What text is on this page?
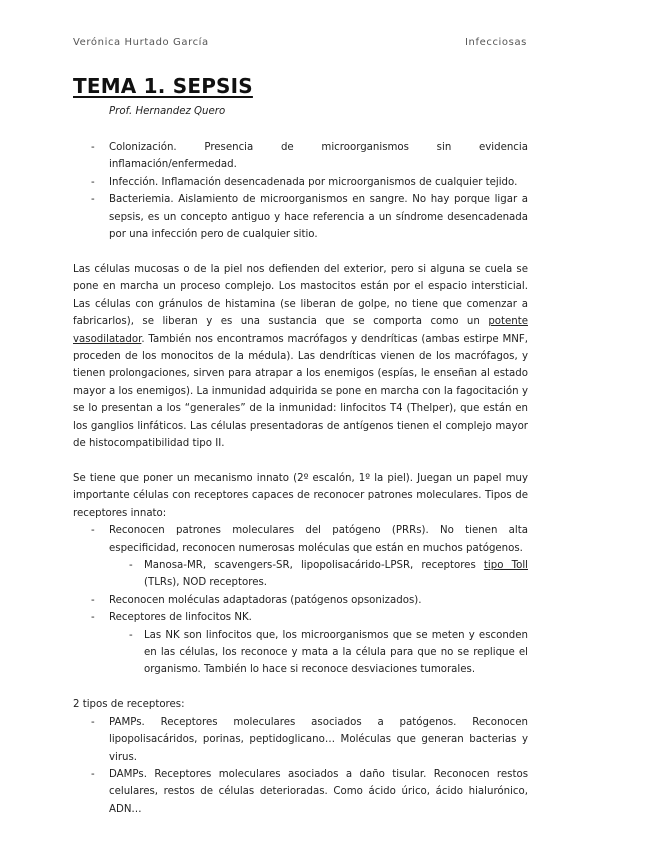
Verónica Hurtado García	Infecciosas
TEMA 1. SEPSIS
Prof. Hernandez Quero
- Colonización. Presencia de microorganismos sin evidencia inflamación/enfermedad.
- Infección. Inflamación desencadenada por microorganismos de cualquier tejido.
- Bacteriemia. Aislamiento de microorganismos en sangre. No hay porque ligar a sepsis, es un concepto antiguo y hace referencia a un síndrome desencadenada por una infección pero de cualquier sitio.

Las células mucosas o de la piel nos defienden del exterior, pero si alguna se cuela se pone en marcha un proceso complejo. Los mastocitos están por el espacio intersticial. Las células con gránulos de histamina (se liberan de golpe, no tiene que comenzar a fabricarlos), se liberan y es una sustancia que se comporta como un potente vasodilatador. También nos encontramos macrófagos y dendríticas (ambas estirpe MNF, proceden de los monocitos de la médula). Las dendríticas vienen de los macrófagos, y tienen prolongaciones, sirven para atrapar a los enemigos (espías, le enseñan al estado mayor a los enemigos). La inmunidad adquirida se pone en marcha con la fagocitación y se lo presentan a los “generales” de la inmunidad: linfocitos T4 (Thelper), que están en los ganglios linfáticos. Las células presentadoras de antígenos tienen el complejo mayor de histocompatibilidad tipo II.

Se tiene que poner un mecanismo innato (2º escalón, 1º la piel). Juegan un papel muy importante células con receptores capaces de reconocer patrones moleculares. Tipos de receptores innato:

- Reconocen patrones moleculares del patógeno (PRRs). No tienen alta especificidad, reconocen numerosas moléculas que están en muchos patógenos.
- Manosa-MR, scavengers-SR, lipopolisacárido-LPSR, receptores tipo Toll (TLRs), NOD receptores.
- Reconocen moléculas adaptadoras (patógenos opsonizados).
- Receptores de linfocitos NK.
- Las NK son linfocitos que, los microorganismos que se meten y esconden en las células, los reconoce y mata a la célula para que no se replique el organismo. También lo hace si reconoce desviaciones tumorales.

2 tipos de receptores:

- PAMPs. Receptores moleculares asociados a patógenos. Reconocen lipopolisacáridos, porinas, peptidoglicano… Moléculas que generan bacterias y virus.
- DAMPs. Receptores moleculares asociados a daño tisular. Reconocen restos celulares, restos de células deterioradas. Como ácido úrico, ácido hialurónico, ADN…
